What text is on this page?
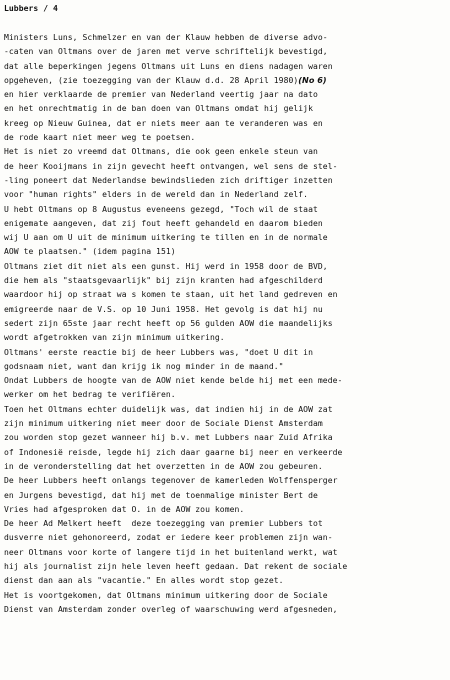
Lubbers / 4
Ministers Luns, Schmelzer en van der Klauw hebben de diverse advo-
-caten van Oltmans over de jaren met verve schriftelijk bevestigd,
dat alle beperkingen jegens Oltmans uit Luns en diens nadagen waren
opgeheven, (zie toezegging van der Klauw d.d. 28 April 1980)(No 6)
en hier verklaarde de premier van Nederland veertig jaar na dato
en het onrechtmatig in de ban doen van Oltmans omdat hij gelijk
kreeg op Nieuw Guinea, dat er niets meer aan te veranderen was en
de rode kaart niet meer weg te poetsen.
Het is niet zo vreemd dat Oltmans, die ook geen enkele steun van
de heer Kooijmans in zijn gevecht heeft ontvangen, wel sens de stel-
-ling poneert dat Nederlandse bewindslieden zich driftiger inzetten
voor "human rights" elders in de wereld dan in Nederland zelf.
U hebt Oltmans op 8 Augustus eveneens gezegd, "Toch wil de staat
enigemate aangeven, dat zij fout heeft gehandeld en daarom bieden
wij U aan om U uit de minimum uitkering te tillen en in de normale
AOW te plaatsen." (idem pagina 151)
Oltmans ziet dit niet als een gunst. Hij werd in 1958 door de BVD,
die hem als "staatsgevaarlijk" bij zijn kranten had afgeschilderd
waardoor hij op straat wa s komen te staan, uit het land gedreven en
emigreerde naar de V.S. op 10 Juni 1958. Het gevolg is dat hij nu
sedert zijn 65ste jaar recht heeft op 56 gulden AOW die maandelijks
wordt afgetrokken van zijn minimum uitkering.
Oltmans' eerste reactie bij de heer Lubbers was, "doet U dit in
godsnaam niet, want dan krijg ik nog minder in de maand."
Ondat Lubbers de hoogte van de AOW niet kende belde hij met een mede-
werker om het bedrag te verifiëren.
Toen het Oltmans echter duidelijk was, dat indien hij in de AOW zat
zijn minimum uitkering niet meer door de Sociale Dienst Amsterdam
zou worden stop gezet wanneer hij b.v. met Lubbers naar Zuid Afrika
of Indonesië reisde, legde hij zich daar gaarne bij neer en verkeerde
in de veronderstelling dat het overzetten in de AOW zou gebeuren.
De heer Lubbers heeft onlangs tegenover de kamerleden Wolffensperger
en Jurgens bevestigd, dat hij met de toenmalige minister Bert de
Vries had afgesproken dat O. in de AOW zou komen.
De heer Ad Melkert heeft  deze toezegging van premier Lubbers tot
dusverre niet gehonoreerd, zodat er iedere keer problemen zijn wan-
neer Oltmans voor korte of langere tijd in het buitenland werkt, wat
hij als journalist zijn hele leven heeft gedaan. Dat rekent de sociale
dienst dan aan als "vacantie." En alles wordt stop gezet.
Het is voortgekomen, dat Oltmans minimum uitkering door de Sociale
Dienst van Amsterdam zonder overleg of waarschuwing werd afgesneden,
